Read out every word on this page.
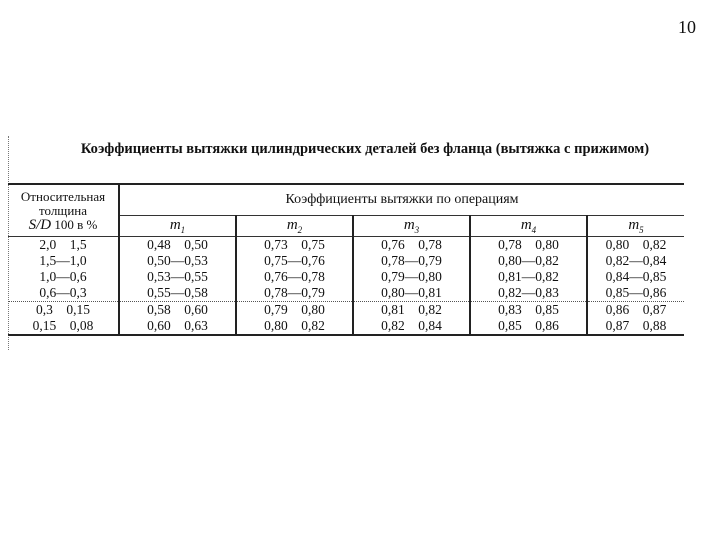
10
Коэффициенты вытяжки цилиндрических деталей без фланца (вытяжка с прижимом)
Относительная
толщина
S/D 100 в %	Коэффициенты вытяжки по операциям				
	$m_1$	$m_2$	$m_3$	$m_4$	$m_5$
2,0    1,5	0,48    0,50	0,73    0,75	0,76    0,78	0,78    0,80	0,80    0,82
1,5—1,0	0,50—0,53	0,75—0,76	0,78—0,79	0,80—0,82	0,82—0,84
1,0—0,6	0,53—0,55	0,76—0,78	0,79—0,80	0,81—0,82	0,84—0,85
0,6—0,3	0,55—0,58	0,78—0,79	0,80—0,81	0,82—0,83	0,85—0,86
0,3    0,15	0,58    0,60	0,79    0,80	0,81    0,82	0,83    0,85	0,86    0,87
0,15    0,08	0,60    0,63	0,80    0,82	0,82    0,84	0,85    0,86	0,87    0,88
